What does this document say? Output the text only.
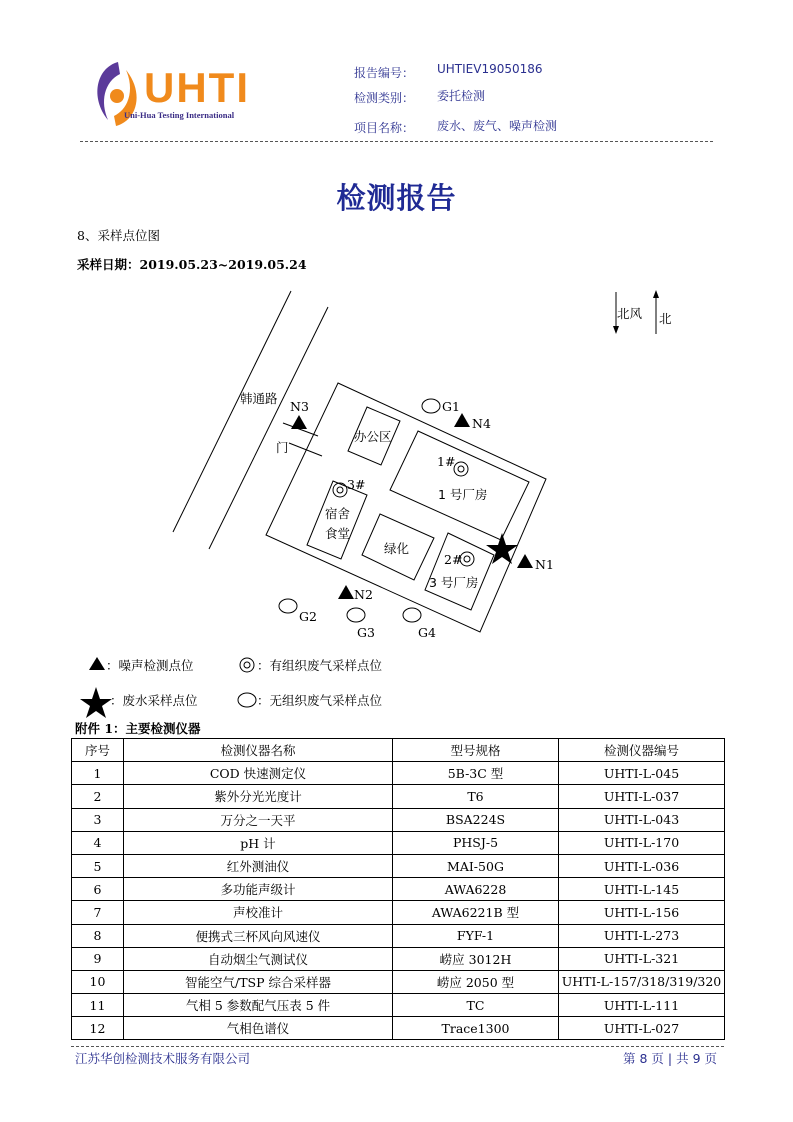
UHTI
Uni-Hua Testing International
报告编号： UHTIEV19050186
检测类别： 委托检测
项目名称： 废水、废气、噪声检测
检测报告
8、采样点位图
采样日期：2019.05.23~2019.05.24
韩通路
门
办公区
1 号厂房
3 号厂房
宿舍
食堂
绿化
N3
N4
N1
N2
1#
2#
3#
G1
G2
G3	G4
北风 北
：噪声检测点位	：有组织废气采样点位
：废水采样点位	：无组织废气采样点位
附件 1：主要检测仪器
序号	检测仪器名称	型号规格	检测仪器编号
1	COD 快速测定仪	5B-3C 型	UHTI-L-045
2	紫外分光光度计	T6	UHTI-L-037
3	万分之一天平	BSA224S	UHTI-L-043
4	pH 计	PHSJ-5	UHTI-L-170
5	红外测油仪	MAI-50G	UHTI-L-036
6	多功能声级计	AWA6228	UHTI-L-145
7	声校准计	AWA6221B 型	UHTI-L-156
8	便携式三杯风向风速仪	FYF-1	UHTI-L-273
9	自动烟尘气测试仪	崂应 3012H	UHTI-L-321
10	智能空气/TSP 综合采样器	崂应 2050 型	UHTI-L-157/318/319/320
11	气相 5 参数配气压表 5 件	TC	UHTI-L-111
12	气相色谱仪	Trace1300	UHTI-L-027
江苏华创检测技术服务有限公司	第 8 页 | 共 9 页
